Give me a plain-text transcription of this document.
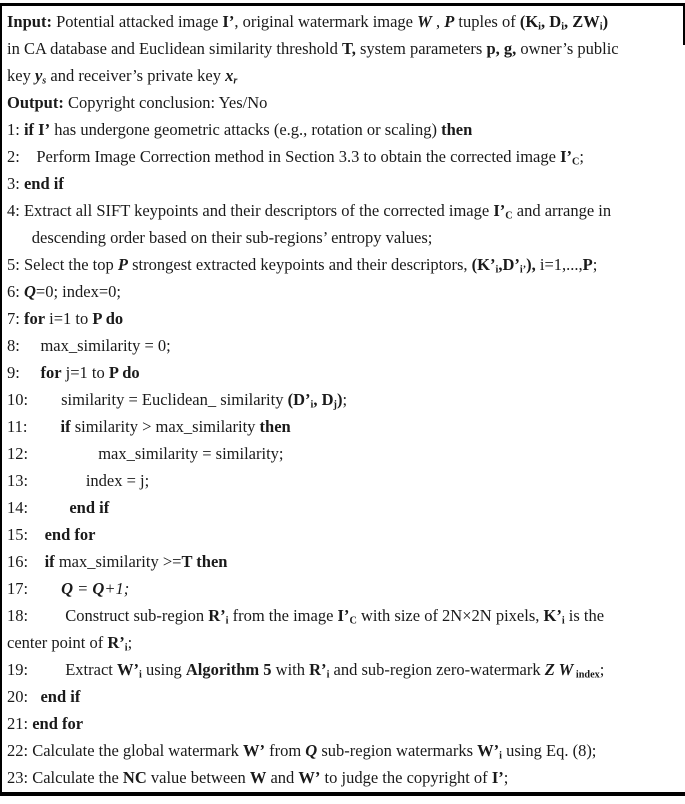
Input: Potential attacked image I’, original watermark image W , P tuples of (Ki, Di, ZWi)
in CA database and Euclidean similarity threshold T, system parameters p, g, owner’s public
key ys and receiver’s private key xr
Output: Copyright conclusion: Yes/No
1: if I’ has undergone geometric attacks (e.g., rotation or scaling) then
2:    Perform Image Correction method in Section 3.3 to obtain the corrected image I’C;
3: end if
4: Extract all SIFT keypoints and their descriptors of the corrected image I’C and arrange in
descending order based on their sub-regions’ entropy values;
5: Select the top P strongest extracted keypoints and their descriptors, (K’i,D’i’), i=1,...,P;
6: Q=0; index=0;
7: for i=1 to P do
8:     max_similarity = 0;
9:     for j=1 to P do
10:        similarity = Euclidean_ similarity (D’i, Dj);
11:        if similarity > max_similarity then
12:                 max_similarity = similarity;
13:              index = j;
14:          end if
15:    end for
16:    if max_similarity >=T then
17:        Q = Q+1;
18:         Construct sub-region R’i from the image I’C with size of 2N×2N pixels, K’i is the
center point of R’i;
19:         Extract W’i using Algorithm 5 with R’i and sub-region zero-watermark Z W index;
20:   end if
21: end for
22: Calculate the global watermark W’ from Q sub-region watermarks W’i using Eq. (8);
23: Calculate the NC value between W and W’ to judge the copyright of I’;
